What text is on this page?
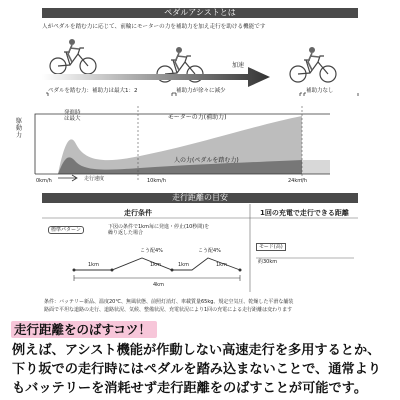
ペダルアシストとは
人がペダルを踏む力に応じて、前輪にモーターの力を補助力を加え走行を助ける機能です
加速
ペダルを踏む力：補助力は最大1：2	補助力が徐々に減少	補助力なし
駆動力
発進時
は最大	モーターの力(補助力)
人の力(ペダルを踏む力)
0km/h	10km/h	24km/h
走行速度
走行距離の目安
走行条件	1回の充電で走行できる距離
標準パターン	下図の条件で1km毎に発進・停止(10秒間)を
繰り返した場合
1km
こう配4%
1km
こう配4%
1km	1km
4km
モード(高)
約30km
条件：バッテリー新品、温度20℃、無風状態、前照灯消灯、車載質量65kg、規定空気圧、乾燥した平滑な舗装
路面で平坦な道路の走行、道路状況、気候、整備状況、充電状況により1回の充電による走行距離は変わります
走行距離をのばすコツ！
例えば、アシスト機能が作動しない高速走行を多用するとか、
下り坂での走行時にはペダルを踏み込まないことで、通常より
もバッテリーを消耗せず走行距離をのばすことが可能です。
